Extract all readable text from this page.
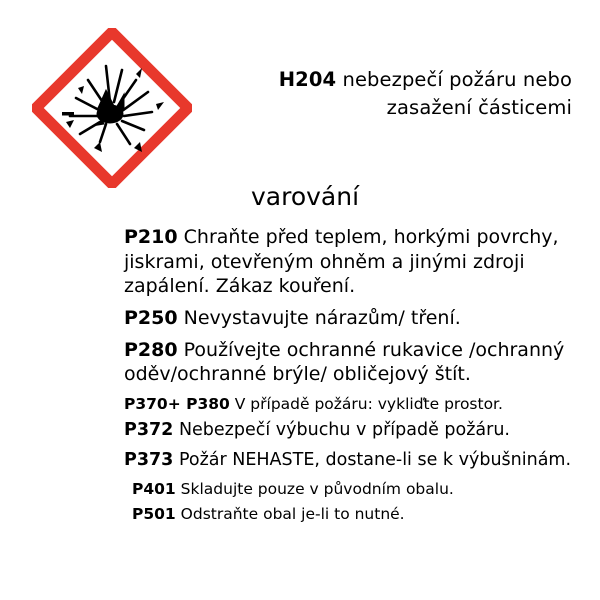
H204 nebezpečí požáru nebo zasažení částicemi
varování
P210 Chraňte před teplem, horkými povrchy, jiskrami, otevřeným ohněm a jinými zdroji zapálení. Zákaz kouření.
P250 Nevystavujte nárazům/ tření.
P280 Používejte ochranné rukavice /ochranný oděv/ochranné brýle/ obličejový štít.
P370+ P380 V případě požáru: vykliďte prostor.
P372 Nebezpečí výbuchu v případě požáru.
P373 Požár NEHASTE, dostane-li se k výbušninám.
P401 Skladujte pouze v původním obalu.
P501 Odstraňte obal je-li to nutné.
